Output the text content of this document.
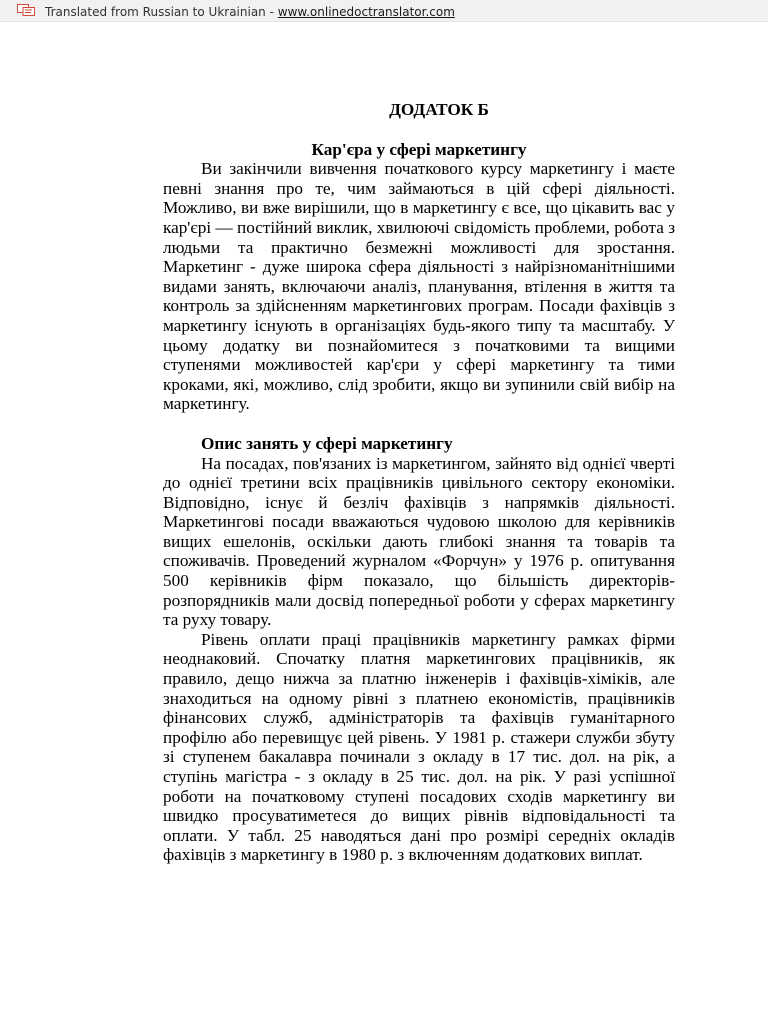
Translated from Russian to Ukrainian - www.onlinedoctranslator.com

ДОДАТОК Б

Кар'єра у сфері маркетингу

Ви закінчили вивчення початкового курсу маркетингу і маєте певні знання про те, чим займаються в цій сфері діяльності. Можливо, ви вже вирішили, що в маркетингу є все, що цікавить вас у кар'єрі — постійний виклик, хвилюючі свідомість проблеми, робота з людьми та практично безмежні можливості для зростання. Маркетинг - дуже широка сфера діяльності з найрізноманітнішими видами занять, включаючи аналіз, планування, втілення в життя та контроль за здійсненням маркетингових програм. Посади фахівців з маркетингу існують в організаціях будь-якого типу та масштабу. У цьому додатку ви познайомитеся з початковими та вищими ступенями можливостей кар'єри у сфері маркетингу та тими кроками, які, можливо, слід зробити, якщо ви зупинили свій вибір на маркетингу.

Опис занять у сфері маркетингу

На посадах, пов'язаних із маркетингом, зайнято від однієї чверті до однієї третини всіх працівників цивільного сектору економіки. Відповідно, існує й безліч фахівців з напрямків діяльності. Маркетингові посади вважаються чудовою школою для керівників вищих ешелонів, оскільки дають глибокі знання та товарів та споживачів. Проведений журналом «Форчун» у 1976 р. опитування 500 керівників фірм показало, що більшість директорів-розпорядників мали досвід попередньої роботи у сферах маркетингу та руху товару.

Рівень оплати праці працівників маркетингу рамках фірми неоднаковий. Спочатку платня маркетингових працівників, як правило, дещо нижча за платню інженерів і фахівців-хіміків, але знаходиться на одному рівні з платнею економістів, працівників фінансових служб, адміністраторів та фахівців гуманітарного профілю або перевищує цей рівень. У 1981 р. стажери служби збуту зі ступенем бакалавра починали з окладу в 17 тис. дол. на рік, а ступінь магістра - з окладу в 25 тис. дол. на рік. У разі успішної роботи на початковому ступені посадових сходів маркетингу ви швидко просуватиметеся до вищих рівнів відповідальності та оплати. У табл. 25 наводяться дані про розмірі середніх окладів фахівців з маркетингу в 1980 р. з включенням додаткових виплат.
